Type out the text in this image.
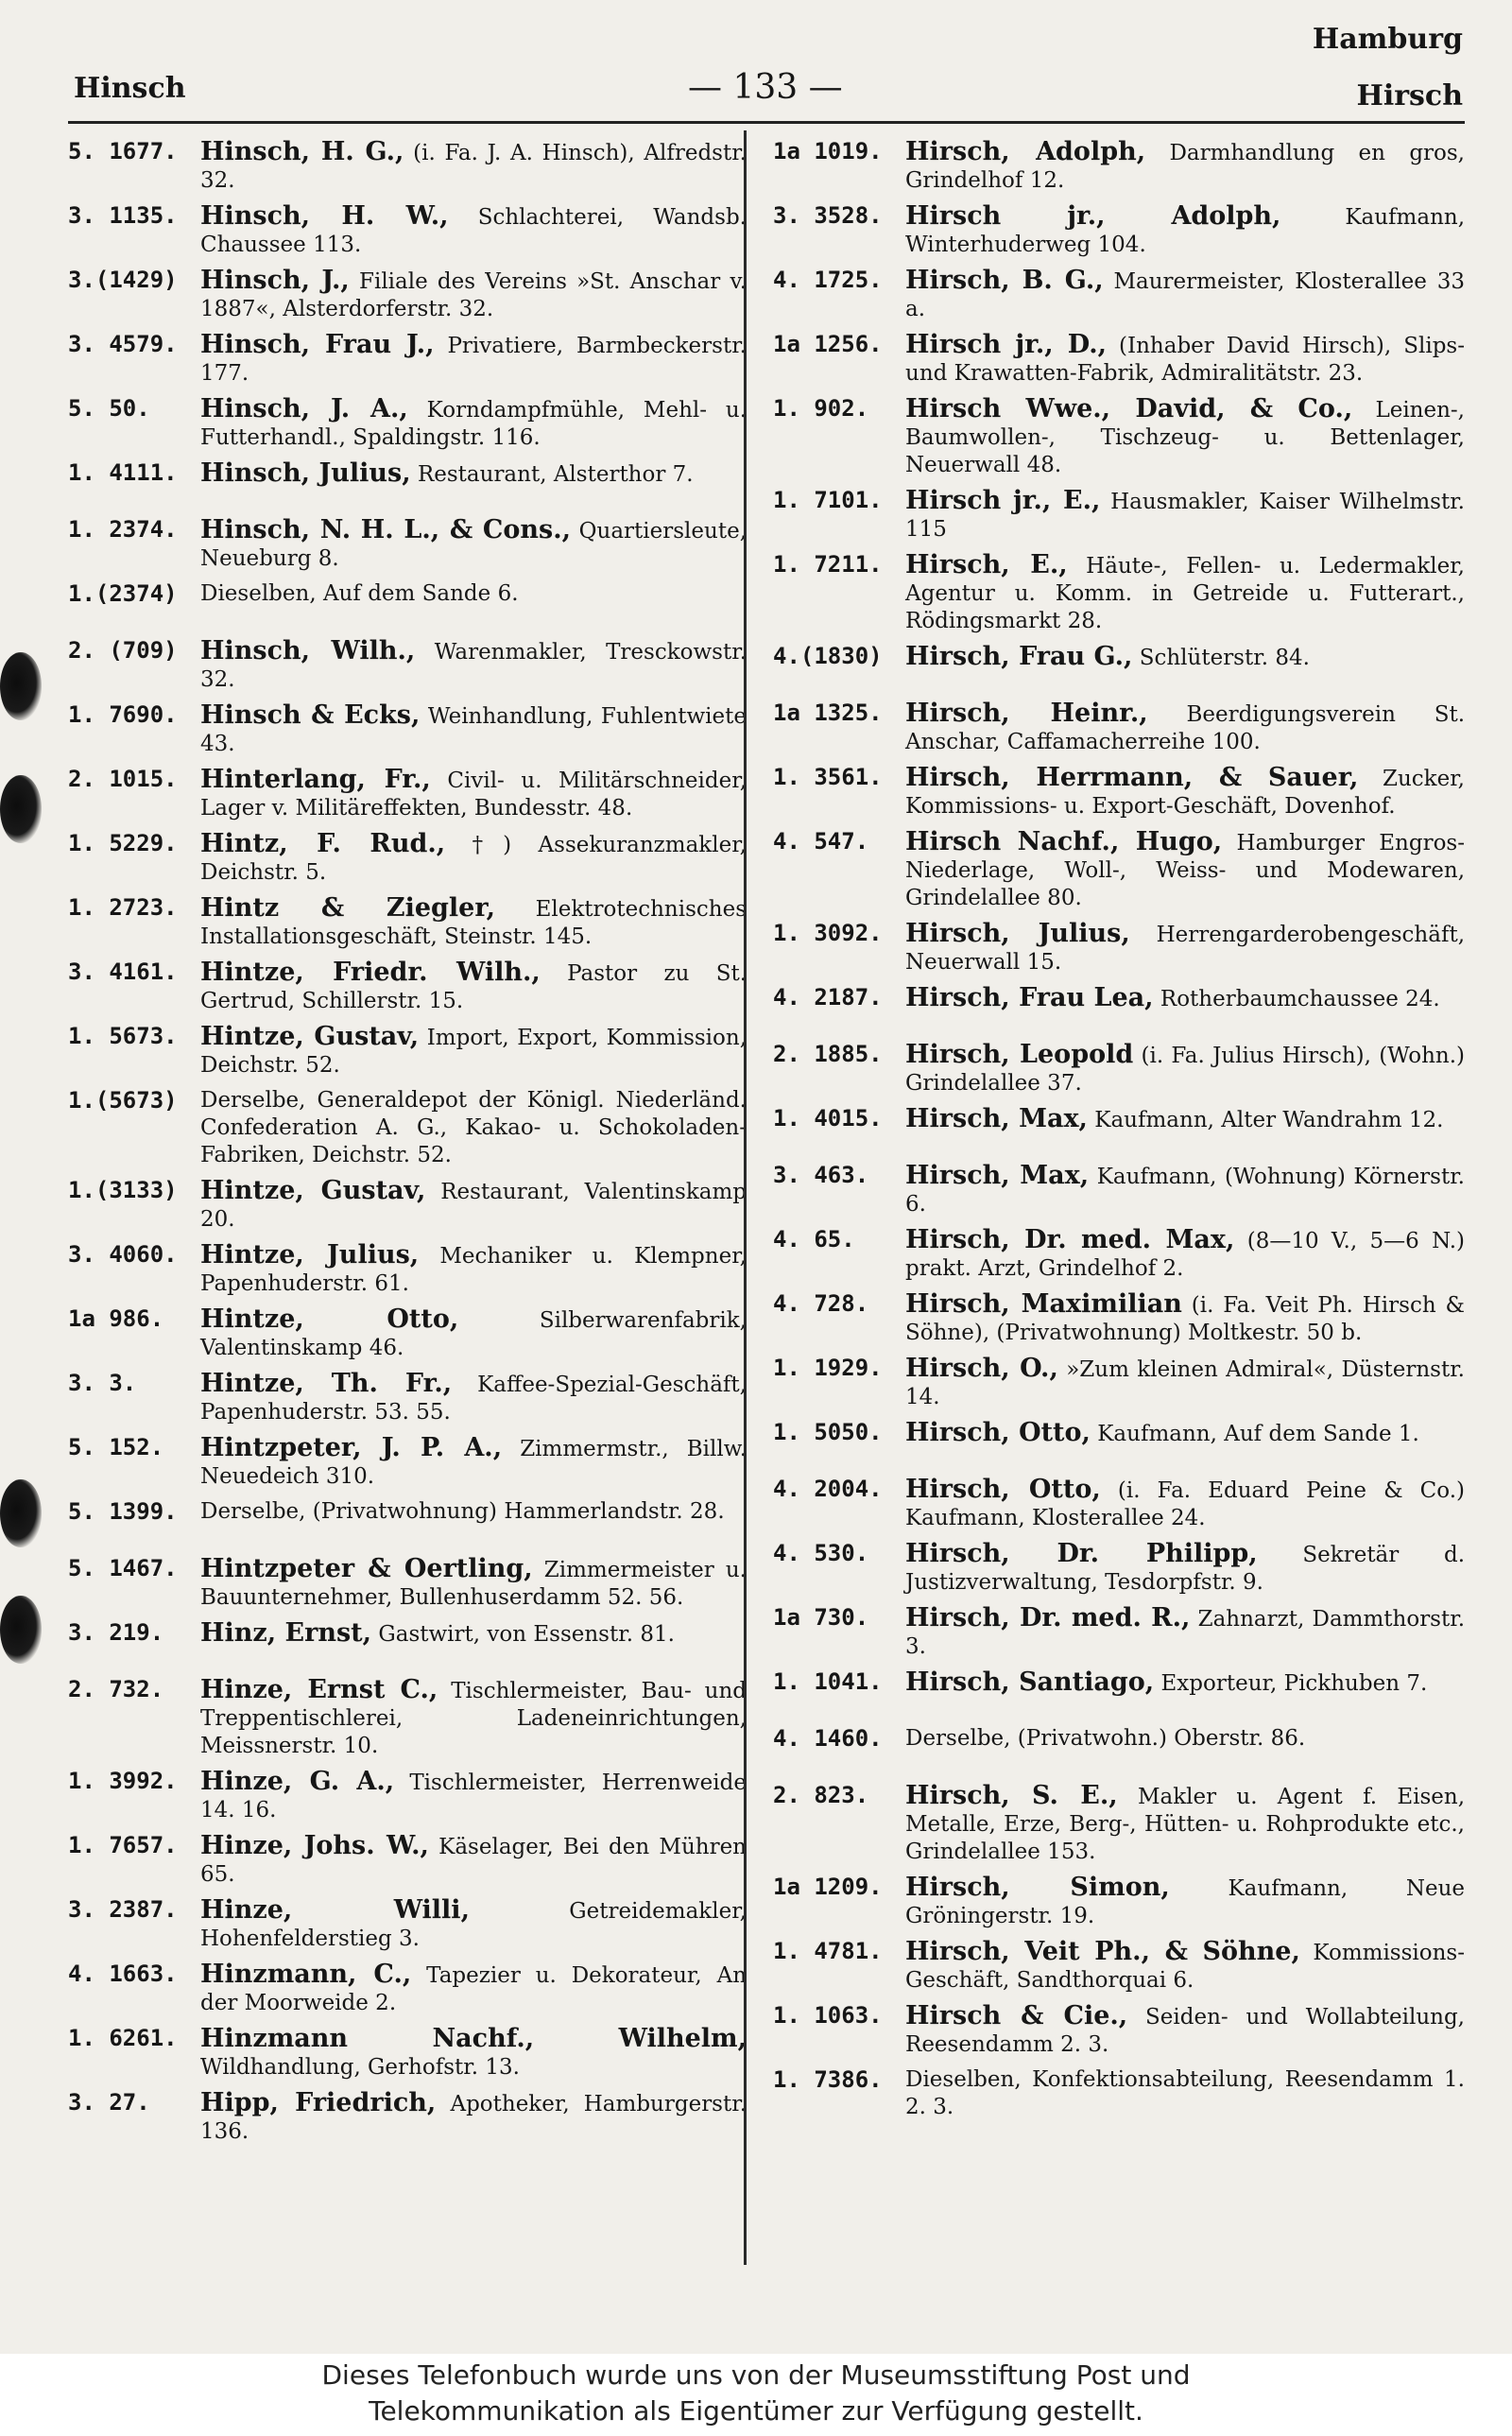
Hamburg
Hinsch	— 133 —	Hirsch
5. 1677. Hinsch, H. G., (i. Fa. J. A. Hinsch), Alfredstr. 32.
3. 1135. Hinsch, H. W., Schlachterei, Wandsb. Chaussee 113.
3.(1429) Hinsch, J., Filiale des Vereins »St. Anschar v. 1887«, Alsterdorferstr. 32.
3. 4579. Hinsch, Frau J., Privatiere, Barmbeckerstr. 177.
5. 50.	Hinsch, J. A., Korndampfmühle, Mehl- u. Futterhandl., Spaldingstr. 116.
1. 4111. Hinsch, Julius, Restaurant, Alsterthor 7.
1. 2374. Hinsch, N. H. L., & Cons., Quartiersleute, Neueburg 8.
1.(2374)	Dieselben, Auf dem Sande 6.
2. (709) Hinsch, Wilh., Warenmakler, Tresckowstr. 32.
1. 7690. Hinsch & Ecks, Weinhandlung, Fuhlentwiete 43.
2. 1015. Hinterlang, Fr., Civil- u. Militärschneider, Lager v. Militäreffekten, Bundesstr. 48.
1. 5229. Hintz, F. Rud., †) Assekuranzmakler, Deichstr. 5.
1. 2723. Hintz & Ziegler, Elektrotechnisches Installationsgeschäft, Steinstr. 145.
3. 4161. Hintze, Friedr. Wilh., Pastor zu St. Gertrud, Schillerstr. 15.
1. 5673. Hintze, Gustav, Import, Export, Kommission, Deichstr. 52.
1.(5673)	Derselbe, Generaldepot der Königl. Niederländ. Confederation A. G., Kakao- u. Schokoladen-Fabriken, Deichstr. 52.
1.(3133) Hintze, Gustav, Restaurant, Valentinskamp 20.
3. 4060. Hintze, Julius, Mechaniker u. Klempner, Papenhuderstr. 61.
1a 986.	Hintze, Otto,	Silberwarenfabrik, Valentinskamp 46.
3. 3.	Hintze, Th. Fr., Kaffee-Spezial-Geschäft, Papenhuderstr. 53. 55.
5. 152.	Hintzpeter, J. P. A., Zimmermstr., Billw. Neuedeich 310.
5. 1399.	Derselbe, (Privatwohnung) Hammerlandstr. 28.
5. 1467. Hintzpeter & Oertling, Zimmermeister u. Bauunternehmer, Bullenhuserdamm 52. 56.
3. 219.	Hinz, Ernst, Gastwirt, von Essenstr. 81.
2. 732.	Hinze, Ernst C., Tischlermeister, Bau- und Treppentischlerei, Ladeneinrichtungen, Meissnerstr. 10.
1. 3992. Hinze, G. A., Tischlermeister, Herrenweide 14. 16.
1. 7657. Hinze, Johs. W., Käselager, Bei den Mühren 65.
3. 2387. Hinze, Willi,	Getreidemakler, Hohenfelderstieg 3.
4. 1663. Hinzmann, C., Tapezier u. Dekorateur, An der Moorweide 2.
1. 6261. Hinzmann Nachf., Wilhelm, Wildhandlung, Gerhofstr. 13.
3. 27.	Hipp, Friedrich, Apotheker, Hamburgerstr. 136.
1a 1019. Hirsch, Adolph, Darmhandlung en gros, Grindelhof 12.
3. 3528. Hirsch jr., Adolph,	Kaufmann, Winterhuderweg 104.
4. 1725. Hirsch, B. G., Maurermeister, Klosterallee 33 a.
1a 1256. Hirsch jr., D., (Inhaber David Hirsch), Slips- und Krawatten-Fabrik, Admiralitätstr. 23.
1. 902.	Hirsch Wwe., David, & Co., Leinen-, Baumwollen-, Tischzeug- u. Bettenlager, Neuerwall 48.
1. 7101. Hirsch jr., E., Hausmakler, Kaiser Wilhelmstr. 115
1. 7211. Hirsch, E., Häute-, Fellen- u. Ledermakler, Agentur u. Komm. in Getreide u. Futterart., Rödingsmarkt 28.
4.(1830) Hirsch, Frau G., Schlüterstr. 84.
1a 1325. Hirsch, Heinr., Beerdigungsverein St. Anschar, Caffamacherreihe 100.
1. 3561. Hirsch, Herrmann, & Sauer, Zucker, Kommissions- u. Export-Geschäft, Dovenhof.
4. 547.	Hirsch Nachf., Hugo, Hamburger Engros-Niederlage, Woll-, Weiss- und Modewaren, Grindelallee 80.
1. 3092. Hirsch, Julius, Herrengarderobengeschäft, Neuerwall 15.
4. 2187. Hirsch, Frau Lea, Rotherbaumchaussee 24.
2. 1885. Hirsch, Leopold (i. Fa. Julius Hirsch), (Wohn.) Grindelallee 37.
1. 4015. Hirsch, Max, Kaufmann, Alter Wandrahm 12.
3. 463.	Hirsch, Max, Kaufmann, (Wohnung) Körnerstr. 6.
4. 65.	Hirsch, Dr. med. Max, (8—10 V., 5—6 N.) prakt. Arzt, Grindelhof 2.
4. 728.	Hirsch, Maximilian (i. Fa. Veit Ph. Hirsch & Söhne), (Privatwohnung) Moltkestr. 50 b.
1. 1929. Hirsch, O., »Zum kleinen Admiral«, Düsternstr. 14.
1. 5050. Hirsch, Otto, Kaufmann, Auf dem Sande 1.
4. 2004. Hirsch, Otto, (i. Fa. Eduard Peine & Co.) Kaufmann, Klosterallee 24.
4. 530.	Hirsch, Dr. Philipp, Sekretär d. Justizverwaltung, Tesdorpfstr. 9.
1a 730.	Hirsch, Dr. med. R., Zahnarzt, Dammthorstr. 3.
1. 1041. Hirsch, Santiago, Exporteur, Pickhuben 7.
4. 1460.	Derselbe, (Privatwohn.) Oberstr. 86.
2. 823.	Hirsch, S. E., Makler u. Agent f. Eisen, Metalle, Erze, Berg-, Hütten- u. Rohprodukte etc., Grindelallee 153.
1a 1209. Hirsch, Simon,	Kaufmann, Neue Gröningerstr. 19.
1. 4781. Hirsch, Veit Ph., & Söhne, Kommissions-Geschäft, Sandthorquai 6.
1. 1063. Hirsch & Cie., Seiden- und Wollabteilung, Reesendamm 2. 3.
1. 7386.	Dieselben, Konfektionsabteilung, Reesendamm 1. 2. 3.
Dieses Telefonbuch wurde uns von der Museumsstiftung Post und
Telekommunikation als Eigentümer zur Verfügung gestellt.
